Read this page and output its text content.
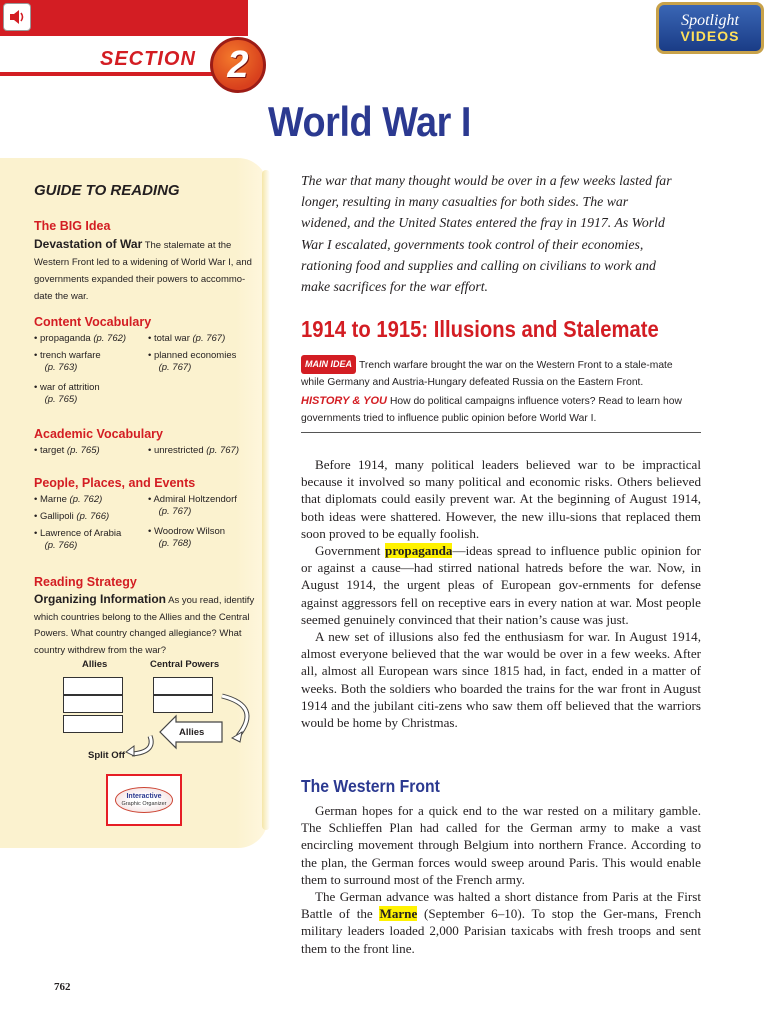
SECTION 2
Spotlight
VIDEOS
World War I
GUIDE TO READING
The BIG Idea
Devastation of War The stalemate at the Western Front led to a widening of World War I, and governments expanded their powers to accommo-date the war.
Content Vocabulary
• propaganda (p. 762)
• trench warfare
(p. 763)
• war of attrition
(p. 765)
• total war (p. 767)
• planned economies
(p. 767)
Academic Vocabulary
• target (p. 765)	• unrestricted (p. 767)
People, Places, and Events
• Marne (p. 762)
• Gallipoli (p. 766)
• Lawrence of Arabia
(p. 766)
• Admiral Holtzendorf
(p. 767)
• Woodrow Wilson
(p. 768)
Reading Strategy
Organizing Information As you read, identify which countries belong to the Allies and the Central Powers. What country changed allegiance? What country withdrew from the war?
Allies	Central Powers
Allies
Split Off
Interactive
Graphic Organizer
The war that many thought would be over in a few weeks lasted far longer, resulting in many casualties for both sides. The war widened, and the United States entered the fray in 1917. As World War I escalated, governments took control of their economies, rationing food and supplies and calling on civilians to work and make sacrifices for the war effort.
1914 to 1915: Illusions and Stalemate
MAIN IDEA Trench warfare brought the war on the Western Front to a stale-mate while Germany and Austria-Hungary defeated Russia on the Eastern Front.
HISTORY & YOU How do political campaigns influence voters? Read to learn how governments tried to influence public opinion before World War I.

Before 1914, many political leaders believed war to be impractical because it involved so many political and economic risks. Others believed that diplomats could easily prevent war. At the beginning of August 1914, both ideas were shattered. However, the new illu-sions that replaced them soon proved to be equally foolish.

Government propaganda—ideas spread to influence public opinion for or against a cause—had stirred national hatreds before the war. Now, in August 1914, the urgent pleas of European gov-ernments for defense against aggressors fell on receptive ears in every nation at war. Most people seemed genuinely convinced that their nation’s cause was just.

A new set of illusions also fed the enthusiasm for war. In August 1914, almost everyone believed that the war would be over in a few weeks. After all, almost all European wars since 1815 had, in fact, ended in a matter of weeks. Both the soldiers who boarded the trains for the war front in August 1914 and the jubilant citi-zens who saw them off believed that the warriors would be home by Christmas.

The Western Front

German hopes for a quick end to the war rested on a military gamble. The Schlieffen Plan had called for the German army to make a vast encircling movement through Belgium into northern France. According to the plan, the German forces would sweep around Paris. This would enable them to surround most of the French army.

The German advance was halted a short distance from Paris at the First Battle of the Marne (September 6–10). To stop the Ger-mans, French military leaders loaded 2,000 Parisian taxicabs with fresh troops and sent them to the front line.

762
